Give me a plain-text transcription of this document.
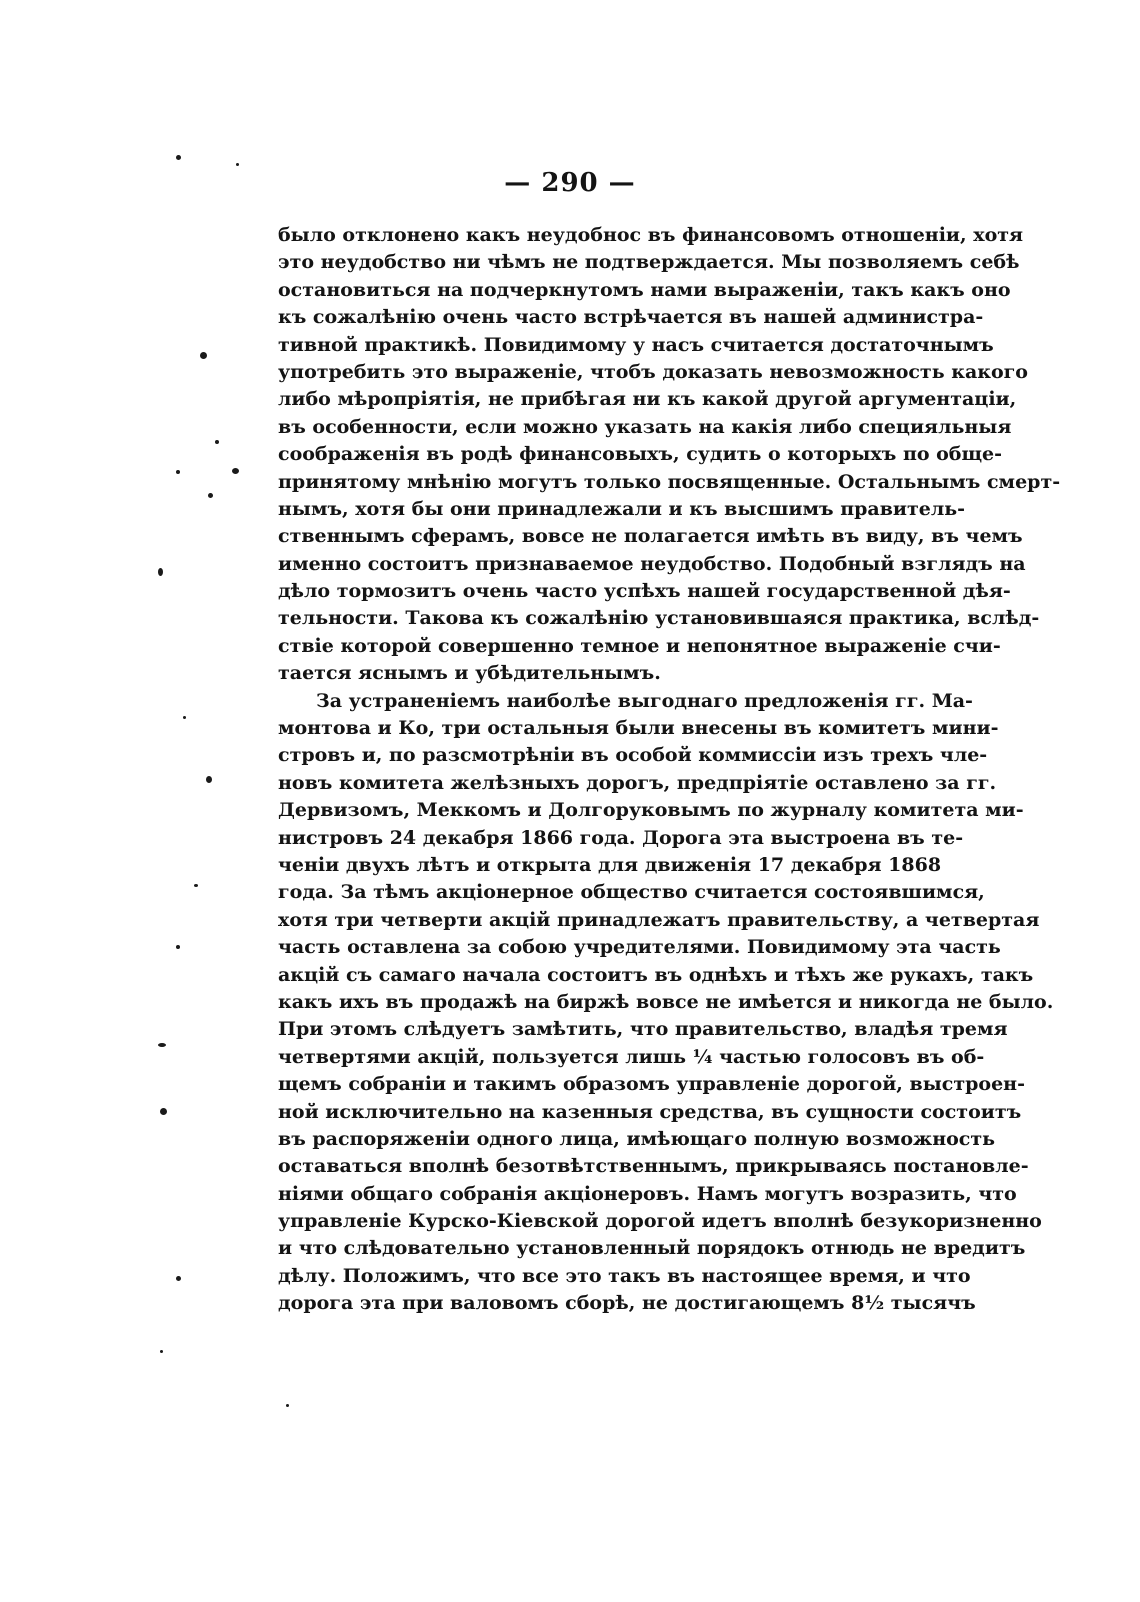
— 290 —
было отклонено какъ неудобнос въ финансовомъ отношенiи, хотя
это неудобство ни чѣмъ не подтверждается. Мы позволяемъ себѣ
остановиться на подчеркнутомъ нами выраженiи, такъ какъ оно
къ сожалѣнiю очень часто встрѣчается въ нашей администра-
тивной практикѣ. Повидимому у насъ считается достаточнымъ
употребить это выраженie, чтобъ доказать невозможность какого
либо мѣропрiятiя, не прибѣгая ни къ какой другой аргументацiи,
въ особенности, если можно указать на какiя либо специяльныя
соображенiя въ родѣ финансовыхъ, судить о которыхъ по обще-
принятому мнѣнiю могутъ только посвященные. Остальнымъ смерт-
нымъ, хотя бы они принадлежали и къ высшимъ правитель-
ственнымъ сферамъ, вовсе не полагается имѣть въ виду, въ чемъ
именно состоитъ признаваемое неудобство. Подобный взглядъ на
дѣло тормозитъ очень часто успѣхъ нашей государственной дѣя-
тельности. Такова къ сожалѣнiю установившаяся практика, вслѣд-
ствie которой совершенно темное и непонятное выраженie счи-
тается яснымъ и убѣдительнымъ.
За устраненiемъ наиболѣе выгоднаго предложенiя гг. Ма-
монтова и Ко, три остальныя были внесены въ комитетъ мини-
стровъ и, по разсмотрѣнiи въ особой коммиссiи изъ трехъ чле-
новъ комитета желѣзныхъ дорогъ, предпрiятie оставлено за гг.
Дервизомъ, Меккомъ и Долгоруковымъ по журналу комитета ми-
нистровъ 24 декабря 1866 года. Дорога эта выстроена въ те-
ченiи двухъ лѣтъ и открыта для движенiя 17 декабря 1868
года. За тѣмъ акцiонерное общество считается состоявшимся,
хотя три четверти акцiй принадлежатъ правительству, а четвертая
часть оставлена за собою учредителями. Повидимому эта часть
акцiй съ самаго начала состоитъ въ однѣхъ и тѣхъ же рукахъ, такъ
какъ ихъ въ продажѣ на биржѣ вовсе не имѣется и никогда не было.
При этомъ слѣдуетъ замѣтить, что правительство, владѣя тремя
четвертями акцiй, пользуется лишь ¼ частью голосовъ въ об-
щемъ собранiи и такимъ образомъ управленie дорогой, выстроен-
ной исключительно на казенныя средства, въ сущности состоитъ
въ распоряженiи одного лица, имѣющаго полную возможность
оставаться вполнѣ безотвѣтственнымъ, прикрываясь постановле-
нiями общаго собранiя акцiонеровъ. Намъ могутъ возразить, что
управленie Курско-Кiевской дорогой идетъ вполнѣ безукоризненно
и что слѣдовательно установленный порядокъ отнюдь не вредитъ
дѣлу. Положимъ, что все это такъ въ настоящее время, и что
дорога эта при валовомъ сборѣ, не достигающемъ 8½ тысячъ
